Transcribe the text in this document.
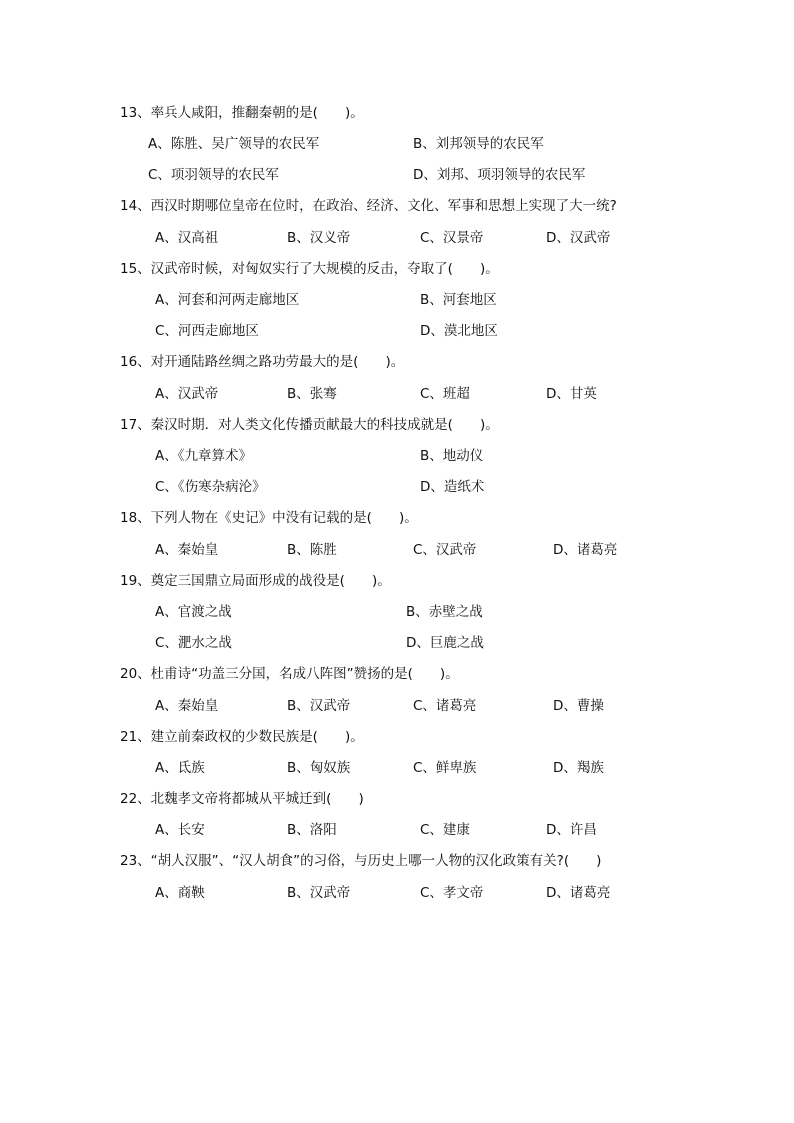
13、率兵人咸阳，推翻秦朝的是(　　)。
A、陈胜、吴广领导的农民军	B、刘邦领导的农民军
C、项羽领导的农民军	D、刘邦、项羽领导的农民军
14、西汉时期哪位皇帝在位时，在政治、经济、文化、军事和思想上实现了大一统?
A、汉高祖	B、汉义帝	C、汉景帝	D、汉武帝
15、汉武帝时候，对匈奴实行了大规模的反击，夺取了(　　)。
A、河套和河两走廊地区	B、河套地区
C、河西走廊地区	D、漠北地区
16、对开通陆路丝绸之路功劳最大的是(　　)。
A、汉武帝	B、张骞	C、班超	D、甘英
17、秦汉时期．对人类文化传播贡献最大的科技成就是(　　)。
A、《九章算术》	B、地动仪
C、《伤寒杂病沦》	D、造纸术
18、下列人物在《史记》中没有记载的是(　　)。
A、秦始皇	B、陈胜	C、汉武帝	D、诸葛亮
19、奠定三国鼎立局面形成的战役是(　　)。
A、官渡之战	B、赤壁之战
C、淝水之战	D、巨鹿之战
20、杜甫诗“功盖三分国，名成八阵图”赞扬的是(　　)。
A、秦始皇	B、汉武帝	C、诸葛亮	D、曹操
21、建立前秦政权的少数民族是(　　)。
A、氐族	B、匈奴族	C、鲜卑族	D、羯族
22、北魏孝文帝将都城从平城迁到(　　)
A、长安	B、洛阳	C、建康	D、许昌
23、“胡人汉服”、“汉人胡食”的习俗，与历史上哪一人物的汉化政策有关?(　　)
A、商鞅	B、汉武帝	C、孝文帝	D、诸葛亮
